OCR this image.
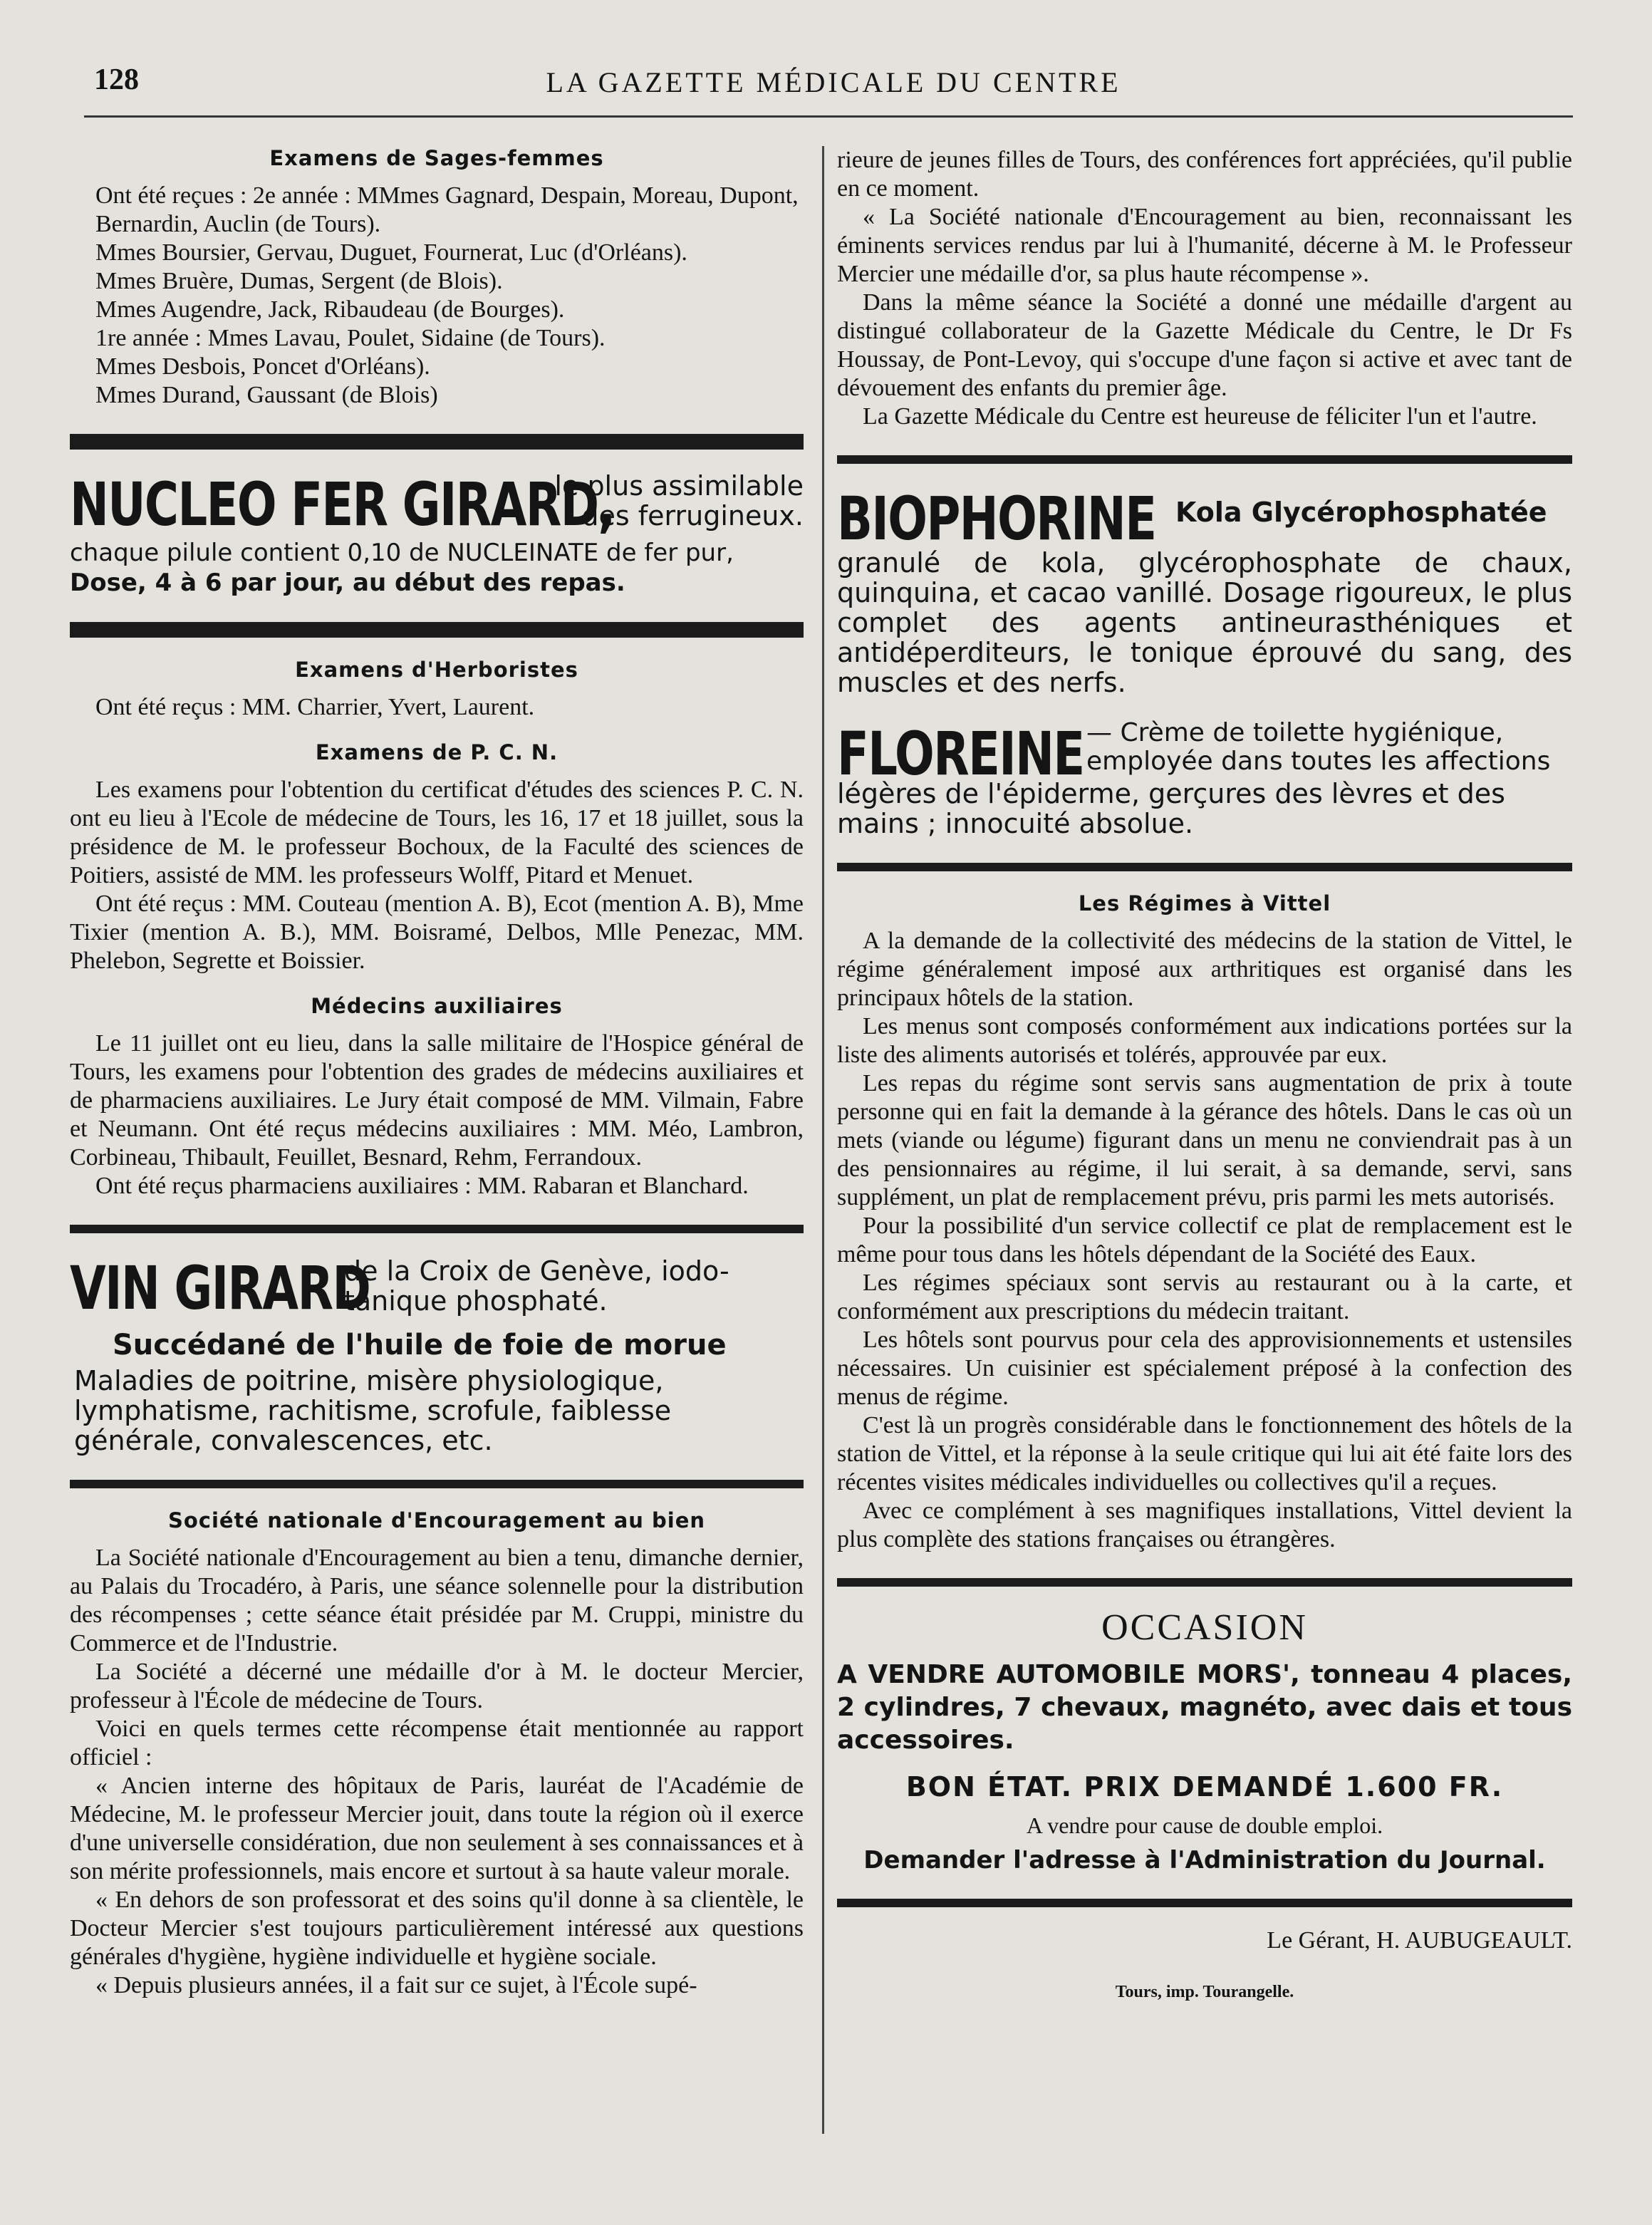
128	LA GAZETTE MÉDICALE DU CENTRE
Examens de Sages-femmes

Ont été reçues : 2e année : MMmes Gagnard, Despain, Moreau, Dupont, Bernardin, Auclin (de Tours).

Mmes Boursier, Gervau, Duguet, Fournerat, Luc (d'Orléans).

Mmes Bruère, Dumas, Sergent (de Blois).

Mmes Augendre, Jack, Ribaudeau (de Bourges).

1re année : Mmes Lavau, Poulet, Sidaine (de Tours).

Mmes Desbois, Poncet d'Orléans).

Mmes Durand, Gaussant (de Blois)

NUCLEO FER GIRARD,
le plus assimilable
des ferrugineux.
chaque pilule contient 0,10 de NUCLEINATE de fer pur,
Dose, 4 à 6 par jour, au début des repas.
Examens d'Herboristes

Ont été reçus : MM. Charrier, Yvert, Laurent.

Examens de P. C. N.

Les examens pour l'obtention du certificat d'études des sciences P. C. N. ont eu lieu à l'Ecole de médecine de Tours, les 16, 17 et 18 juillet, sous la présidence de M. le professeur Bochoux, de la Faculté des sciences de Poitiers, assisté de MM. les professeurs Wolff, Pitard et Menuet.

Ont été reçus : MM. Couteau (mention A. B), Ecot (mention A. B), Mme Tixier (mention A. B.), MM. Boisramé, Delbos, Mlle Penezac, MM. Phelebon, Segrette et Boissier.

Médecins auxiliaires

Le 11 juillet ont eu lieu, dans la salle militaire de l'Hospice général de Tours, les examens pour l'obtention des grades de médecins auxiliaires et de pharmaciens auxiliaires. Le Jury était composé de MM. Vilmain, Fabre et Neumann. Ont été reçus médecins auxiliaires : MM. Méo, Lambron, Corbineau, Thibault, Feuillet, Besnard, Rehm, Ferrandoux.

Ont été reçus pharmaciens auxiliaires : MM. Rabaran et Blanchard.

VIN GIRARD
de la Croix de Genève, iodo-tanique phosphaté.
Succédané de l'huile de foie de morue
Maladies de poitrine, misère physiologique, lymphatisme, rachitisme, scrofule, faiblesse générale, convalescences, etc.
Société nationale d'Encouragement au bien

La Société nationale d'Encouragement au bien a tenu, dimanche dernier, au Palais du Trocadéro, à Paris, une séance solennelle pour la distribution des récompenses ; cette séance était présidée par M. Cruppi, ministre du Commerce et de l'Industrie.

La Société a décerné une médaille d'or à M. le docteur Mercier, professeur à l'École de médecine de Tours.

Voici en quels termes cette récompense était mentionnée au rapport officiel :

« Ancien interne des hôpitaux de Paris, lauréat de l'Académie de Médecine, M. le professeur Mercier jouit, dans toute la région où il exerce d'une universelle considération, due non seulement à ses connaissances et à son mérite professionnels, mais encore et surtout à sa haute valeur morale.

« En dehors de son professorat et des soins qu'il donne à sa clientèle, le Docteur Mercier s'est toujours particulièrement intéressé aux questions générales d'hygiène, hygiène individuelle et hygiène sociale.

« Depuis plusieurs années, il a fait sur ce sujet, à l'École supé-

rieure de jeunes filles de Tours, des conférences fort appréciées, qu'il publie en ce moment.

« La Société nationale d'Encouragement au bien, reconnaissant les éminents services rendus par lui à l'humanité, décerne à M. le Professeur Mercier une médaille d'or, sa plus haute récompense ».

Dans la même séance la Société a donné une médaille d'argent au distingué collaborateur de la Gazette Médicale du Centre, le Dr Fs Houssay, de Pont-Levoy, qui s'occupe d'une façon si active et avec tant de dévouement des enfants du premier âge.

La Gazette Médicale du Centre est heureuse de féliciter l'un et l'autre.

BIOPHORINE Kola Glycérophosphatée
granulé de kola, glycérophosphate de chaux, quinquina, et cacao vanillé. Dosage rigoureux, le plus complet des agents antineurasthéniques et antidéperditeurs, le tonique éprouvé du sang, des muscles et des nerfs.
FLOREINE — Crème de toilette hygiénique, employée dans toutes les affections
légères de l'épiderme, gerçures des lèvres et des mains ; innocuité absolue.
Les Régimes à Vittel

A la demande de la collectivité des médecins de la station de Vittel, le régime généralement imposé aux arthritiques est organisé dans les principaux hôtels de la station.

Les menus sont composés conformément aux indications portées sur la liste des aliments autorisés et tolérés, approuvée par eux.

Les repas du régime sont servis sans augmentation de prix à toute personne qui en fait la demande à la gérance des hôtels. Dans le cas où un mets (viande ou légume) figurant dans un menu ne conviendrait pas à un des pensionnaires au régime, il lui serait, à sa demande, servi, sans supplément, un plat de remplacement prévu, pris parmi les mets autorisés.

Pour la possibilité d'un service collectif ce plat de remplacement est le même pour tous dans les hôtels dépendant de la Société des Eaux.

Les régimes spéciaux sont servis au restaurant ou à la carte, et conformément aux prescriptions du médecin traitant.

Les hôtels sont pourvus pour cela des approvisionnements et ustensiles nécessaires. Un cuisinier est spécialement préposé à la confection des menus de régime.

C'est là un progrès considérable dans le fonctionnement des hôtels de la station de Vittel, et la réponse à la seule critique qui lui ait été faite lors des récentes visites médicales individuelles ou collectives qu'il a reçues.

Avec ce complément à ses magnifiques installations, Vittel devient la plus complète des stations françaises ou étrangères.

OCCASION
A VENDRE AUTOMOBILE MORS', tonneau 4 places, 2 cylindres, 7 chevaux, magnéto, avec dais et tous accessoires.
BON ÉTAT. PRIX DEMANDÉ 1.600 FR.
A vendre pour cause de double emploi.
Demander l'adresse à l'Administration du Journal.
Le Gérant, H. AUBUGEAULT.
Tours, imp. Tourangelle.
